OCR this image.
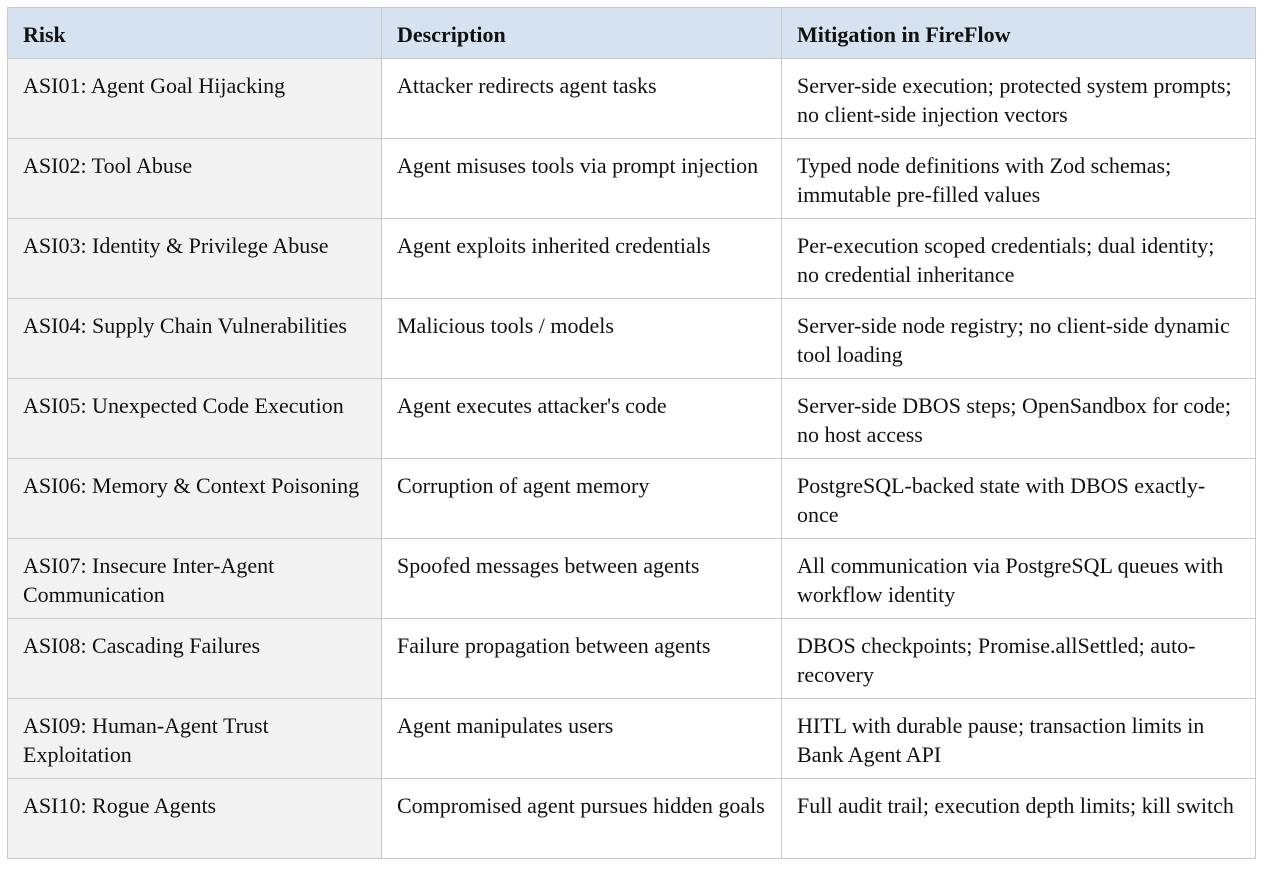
Risk	Description	Mitigation in FireFlow
ASI01: Agent Goal Hijacking	Attacker redirects agent tasks	Server-side execution; protected system prompts; no client-side injection vectors
ASI02: Tool Abuse	Agent misuses tools via prompt injection	Typed node definitions with Zod schemas; immutable pre-filled values
ASI03: Identity & Privilege Abuse	Agent exploits inherited credentials	Per-execution scoped credentials; dual identity; no credential inheritance
ASI04: Supply Chain Vulnerabilities	Malicious tools / models	Server-side node registry; no client-side dynamic tool loading
ASI05: Unexpected Code Execution	Agent executes attacker's code	Server-side DBOS steps; OpenSandbox for code; no host access
ASI06: Memory & Context Poisoning	Corruption of agent memory	PostgreSQL-backed state with DBOS exactly-once
ASI07: Insecure Inter-Agent Communication	Spoofed messages between agents	All communication via PostgreSQL queues with workflow identity
ASI08: Cascading Failures	Failure propagation between agents	DBOS checkpoints; Promise.allSettled; auto-recovery
ASI09: Human-Agent Trust Exploitation	Agent manipulates users	HITL with durable pause; transaction limits in Bank Agent API
ASI10: Rogue Agents	Compromised agent pursues hidden goals	Full audit trail; execution depth limits; kill switch
